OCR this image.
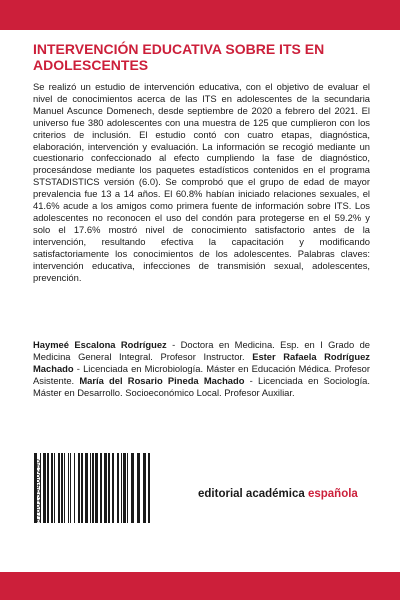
INTERVENCIÓN EDUCATIVA SOBRE ITS EN ADOLESCENTES

Se realizó un estudio de intervención educativa, con el objetivo de evaluar el nivel de conocimientos acerca de las ITS en adolescentes de la secundaria Manuel Ascunce Domenech, desde septiembre de 2020 a febrero del 2021. El universo fue 380 adolescentes con una muestra de 125 que cumplieron con los criterios de inclusión. El estudio contó con cuatro etapas, diagnóstica, elaboración, intervención y evaluación. La información se recogió mediante un cuestionario confeccionado al efecto cumpliendo la fase de diagnóstico, procesándose mediante los paquetes estadísticos contenidos en el programa STSTADISTICS versión (6.0). Se comprobó que el grupo de edad de mayor prevalencia fue 13 a 14 años. El 60.8% habían iniciado relaciones sexuales, el 41.6% acude a los amigos como primera fuente de información sobre ITS. Los adolescentes no reconocen el uso del condón para protegerse en el 59.2% y solo el 17.6% mostró nivel de conocimiento satisfactorio antes de la intervención, resultando efectiva la capacitación y modificando satisfactoriamente los conocimientos de los adolescentes. Palabras claves: intervención educativa, infecciones de transmisión sexual, adolescentes, prevención.

Haymeé Escalona Rodríguez - Doctora en Medicina. Esp. en I Grado de Medicina General Integral. Profesor Instructor. Ester Rafaela Rodríguez Machado - Licenciada en Microbiología. Máster en Educación Médica. Profesor Asistente. María del Rosario Pineda Machado - Licenciada en Sociología. Máster en Desarrollo. Socioeconómico Local. Profesor Auxiliar.

9786139466290
editorial académica española
